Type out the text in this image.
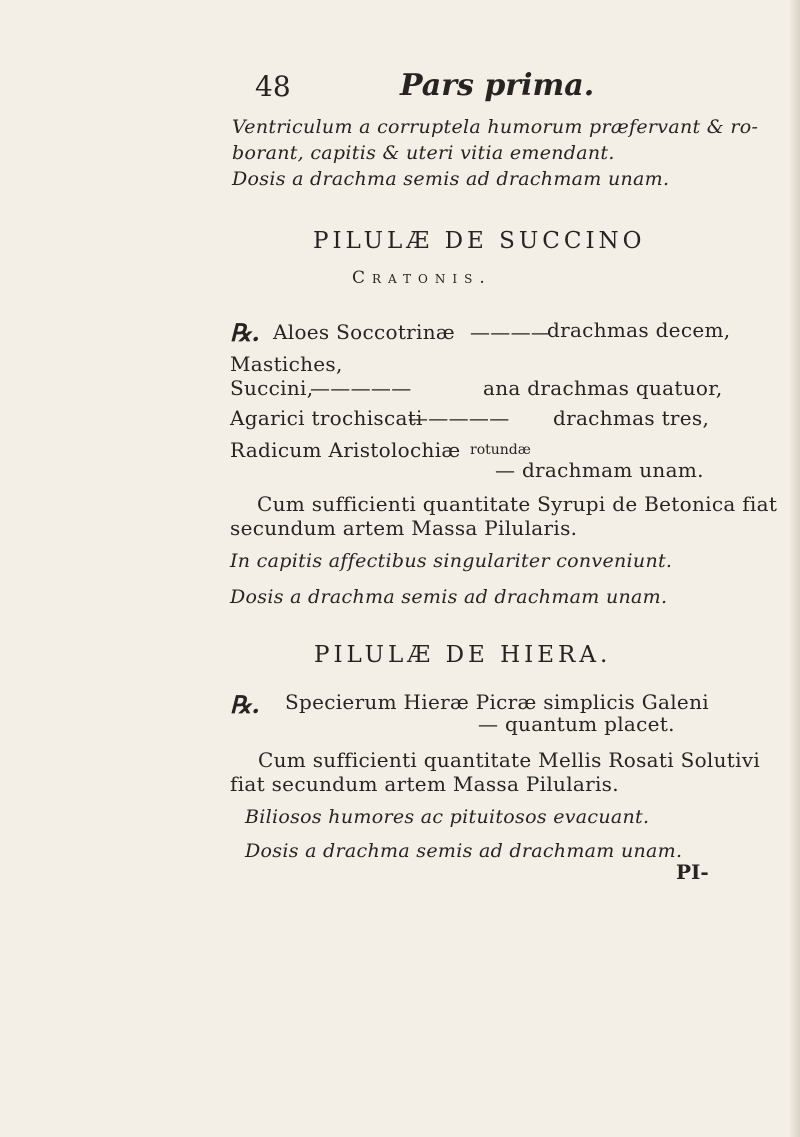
48	Pars prima.
Ventriculum a corruptela humorum præfervant & ro-
borant, capitis & uteri vitia emendant.
Dosis a drachma semis ad drachmam unam.
PILULÆ DE SUCCINO
Cratonis.
℞. Aloes Soccotrinæ ————
drachmas decem,
Mastiches,
Succini,
—————	ana drachmas quatuor,
Agarici trochiscati
————— drachmas tres,
Radicum Aristolochiæ rotundæ
— drachmam unam.
Cum sufficienti quantitate Syrupi de Betonica fiat
secundum artem Massa Pilularis.
In capitis affectibus singulariter conveniunt.
Dosis a drachma semis ad drachmam unam.
PILULÆ DE HIERA.
℞. Specierum Hieræ Picræ simplicis Galeni
— quantum placet.
Cum sufficienti quantitate Mellis Rosati Solutivi
fiat secundum artem Massa Pilularis.
Biliosos humores ac pituitosos evacuant.
Dosis a drachma semis ad drachmam unam.
PI-
